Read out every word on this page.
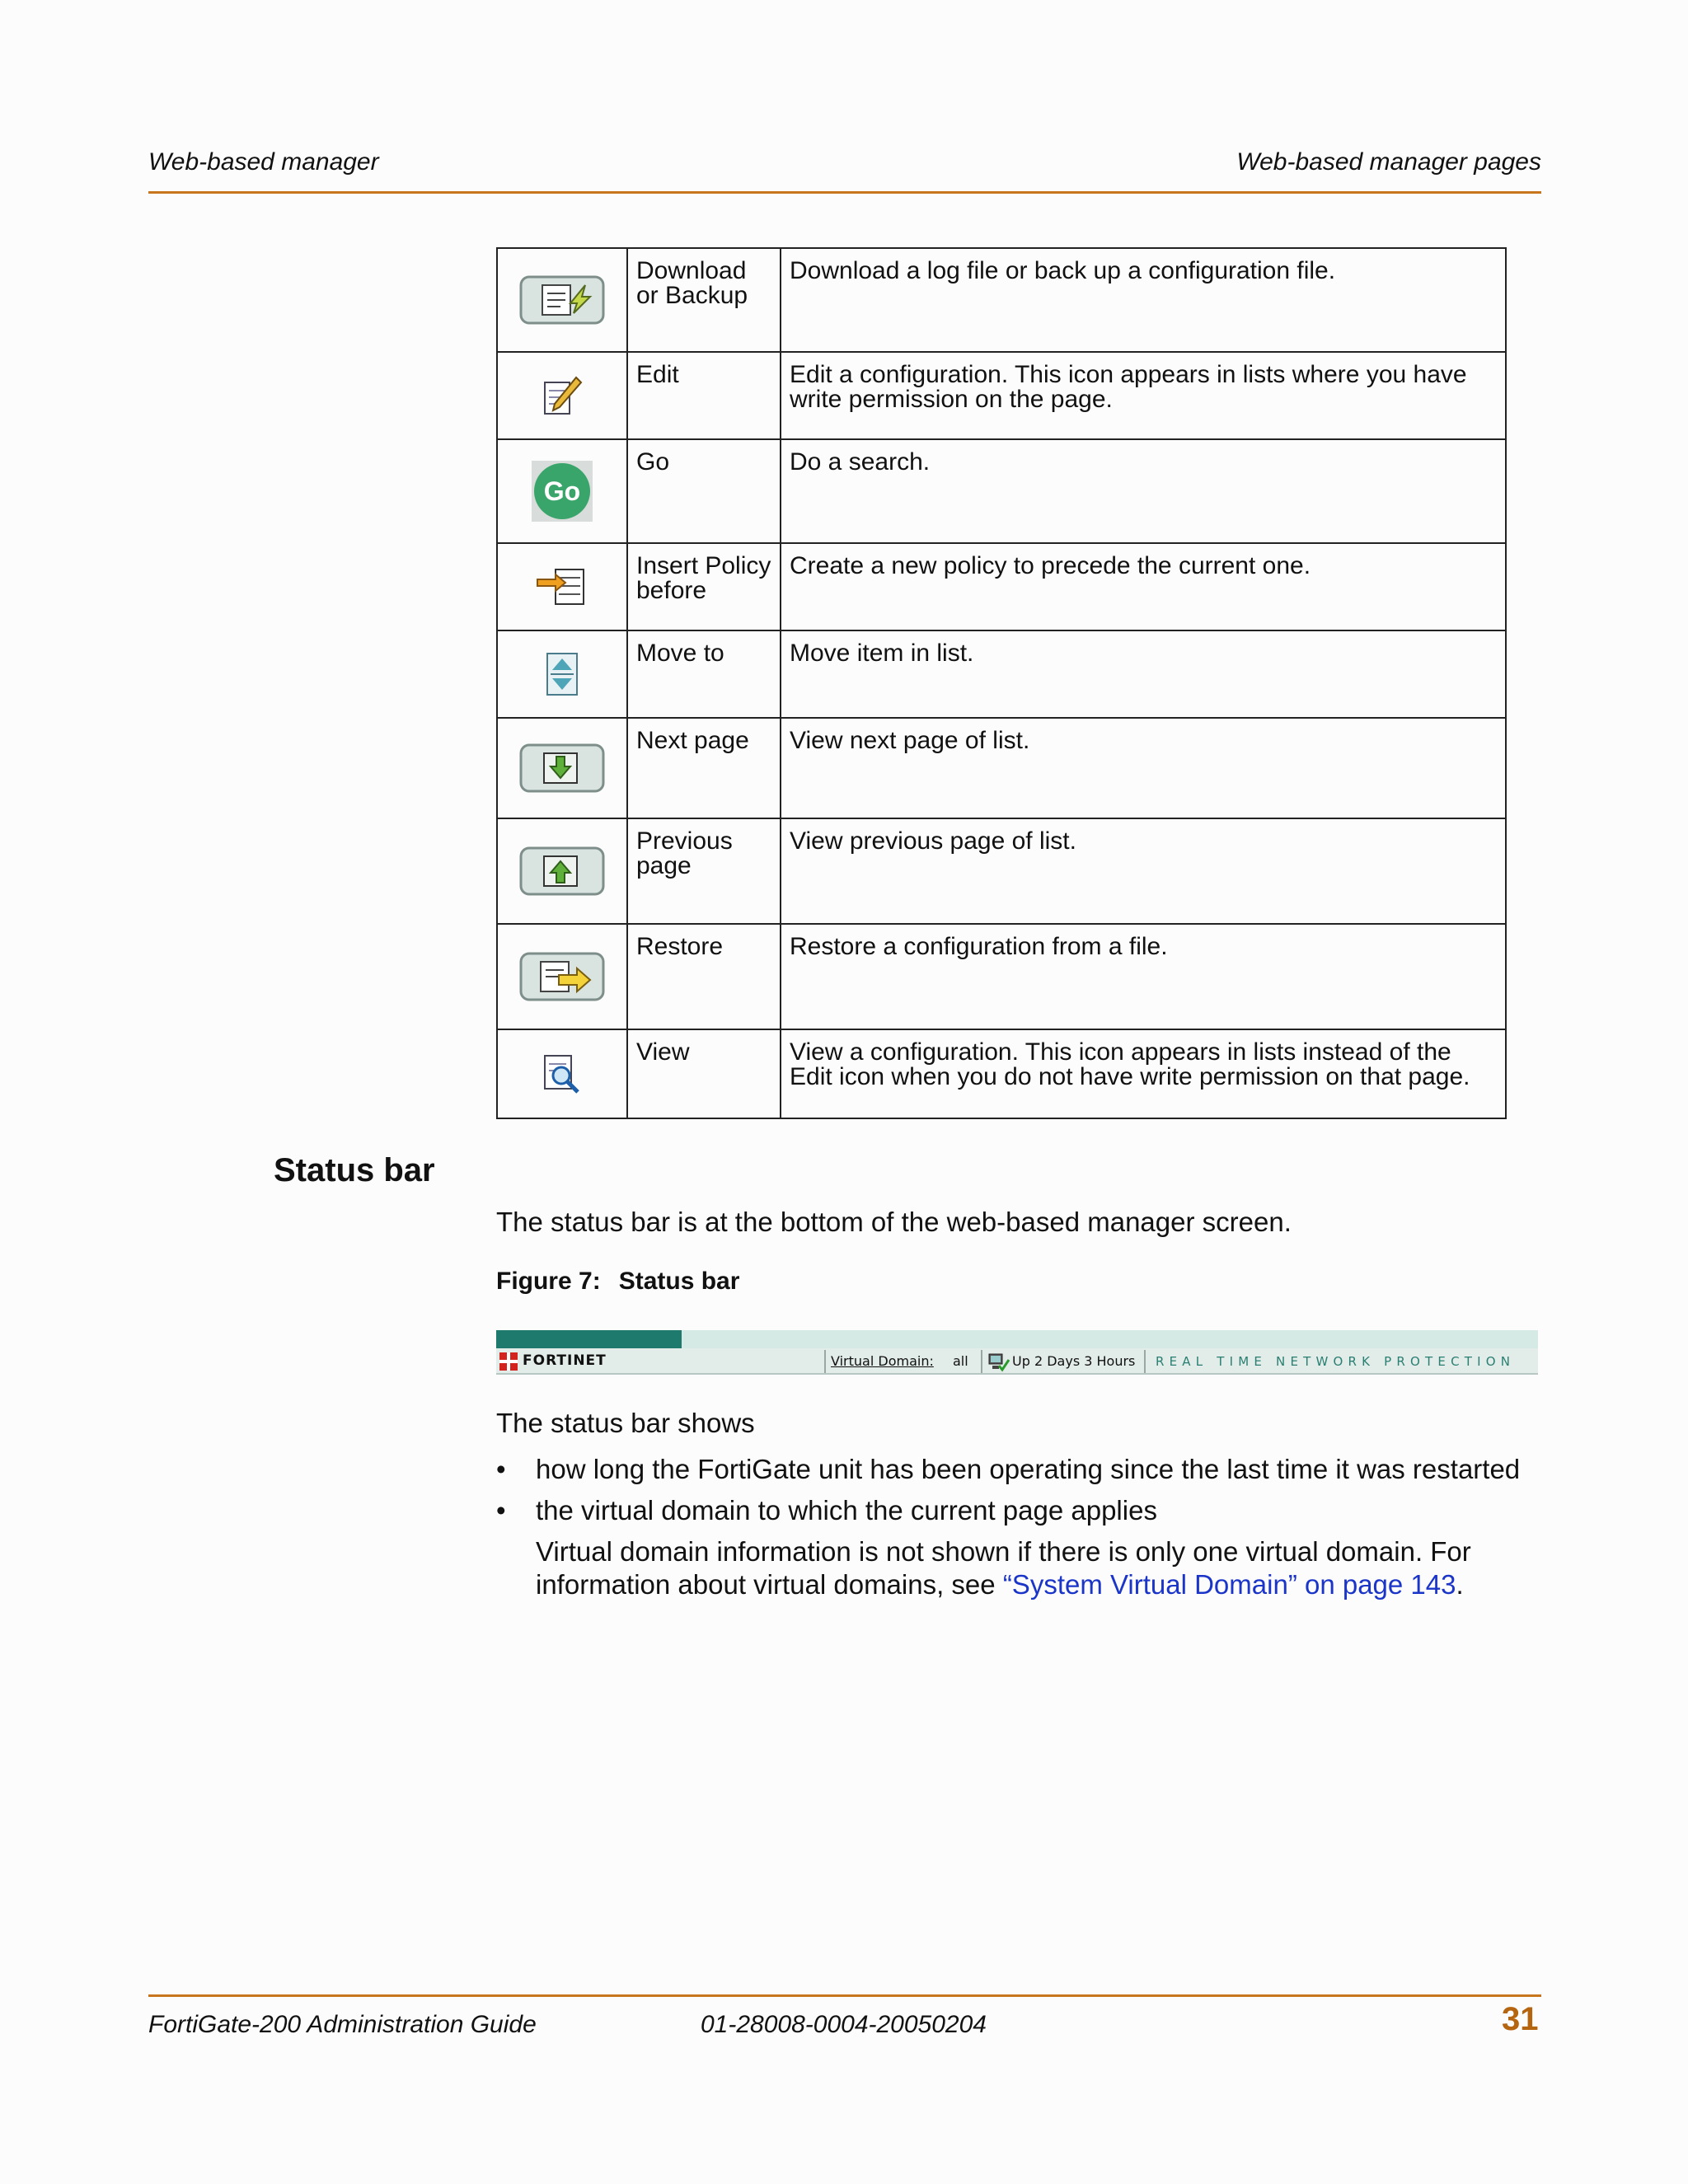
Web-based manager	Web-based manager pages
	Download or Backup	Download a log file or back up a configuration file.

	Edit	Edit a configuration. This icon appears in lists where you have write permission on the page.

Go	Go	Do a search.

	Insert Policy before	Create a new policy to precede the current one.

	Move to	Move item in list.

	Next page	View next page of list.

	Previous page	View previous page of list.

	Restore	Restore a configuration from a file.

	View	View a configuration. This icon appears in lists instead of the Edit icon when you do not have write permission on that page.
Status bar
The status bar is at the bottom of the web-based manager screen.
Figure 7: Status bar
FORTINET	Virtual Domain: all	Up 2 Days 3 Hours REAL TIME NETWORK PROTECTION
The status bar shows
• how long the FortiGate unit has been operating since the last time it was restarted
• the virtual domain to which the current page applies
Virtual domain information is not shown if there is only one virtual domain. For
information about virtual domains, see “System Virtual Domain” on page 143.
FortiGate-200 Administration Guide	01-28008-0004-20050204	31
